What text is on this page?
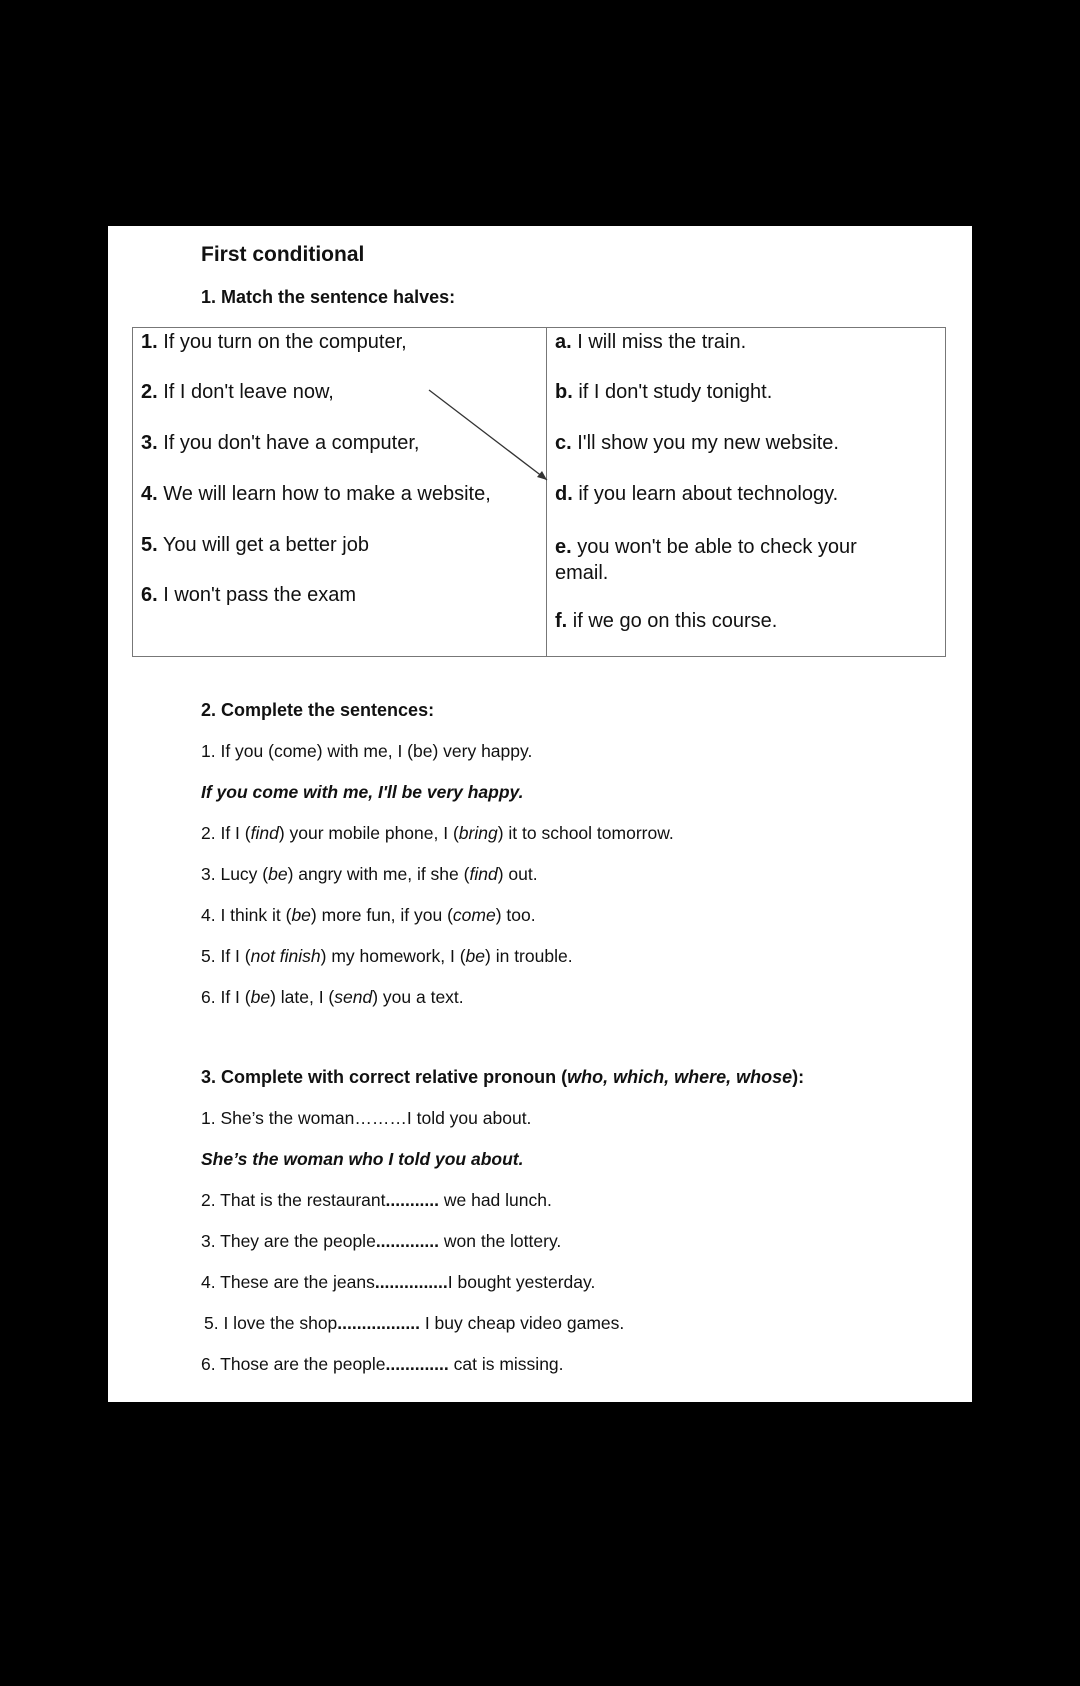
First conditional
1. Match the sentence halves:
1. If you turn on the computer,
2. If I don't leave now,
3. If you don't have a computer,
4. We will learn how to make a website,
5. You will get a better job
6. I won't pass the exam
a. I will miss the train.
b. if I don't study tonight.
c. I'll show you my new website.
d. if you learn about technology.
e. you won't be able to check your email.
f. if we go on this course.
2. Complete the sentences:
1. If you (come) with me, I (be) very happy.
If you come with me, I'll be very happy.
2. If I (find) your mobile phone, I (bring) it to school tomorrow.
3. Lucy (be) angry with me, if she (find) out.
4. I think it (be) more fun, if you (come) too.
5. If I (not finish) my homework, I (be) in trouble.
6. If I (be) late, I (send) you a text.
3. Complete with correct relative pronoun (who, which, where, whose):
1. She’s the woman………I told you about.
She’s the woman who I told you about.
2. That is the restaurant........... we had lunch.
3. They are the people............. won the lottery.
4. These are the jeans...............I bought yesterday.
5. I love the shop................. I buy cheap video games.
6. Those are the people............. cat is missing.
